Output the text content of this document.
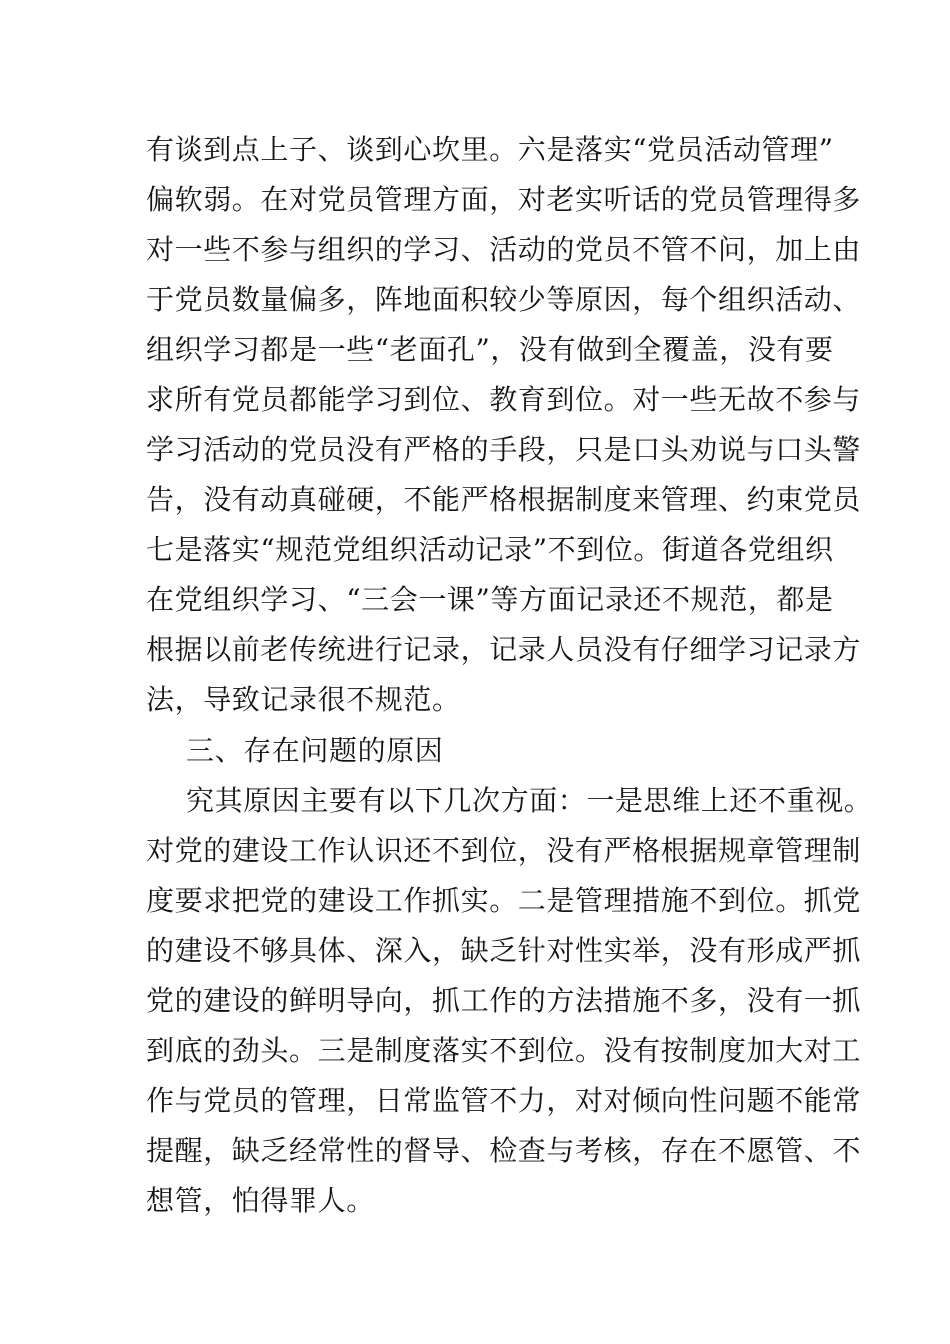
有谈到点上子、谈到心坎里。六是落实“党员活动管理”

偏软弱。在对党员管理方面，对老实听话的党员管理得多

对一些不参与组织的学习、活动的党员不管不问，加上由

于党员数量偏多，阵地面积较少等原因，每个组织活动、

组织学习都是一些“老面孔”，没有做到全覆盖，没有要

求所有党员都能学习到位、教育到位。对一些无故不参与

学习活动的党员没有严格的手段，只是口头劝说与口头警

告，没有动真碰硬，不能严格根据制度来管理、约束党员

七是落实“规范党组织活动记录”不到位。街道各党组织

在党组织学习、“三会一课”等方面记录还不规范，都是

根据以前老传统进行记录，记录人员没有仔细学习记录方

法，导致记录很不规范。

三、存在问题的原因

究其原因主要有以下几次方面：一是思维上还不重视。

对党的建设工作认识还不到位，没有严格根据规章管理制

度要求把党的建设工作抓实。二是管理措施不到位。抓党

的建设不够具体、深入，缺乏针对性实举，没有形成严抓

党的建设的鲜明导向，抓工作的方法措施不多，没有一抓

到底的劲头。三是制度落实不到位。没有按制度加大对工

作与党员的管理，日常监管不力，对对倾向性问题不能常

提醒，缺乏经常性的督导、检查与考核，存在不愿管、不

想管，怕得罪人。
